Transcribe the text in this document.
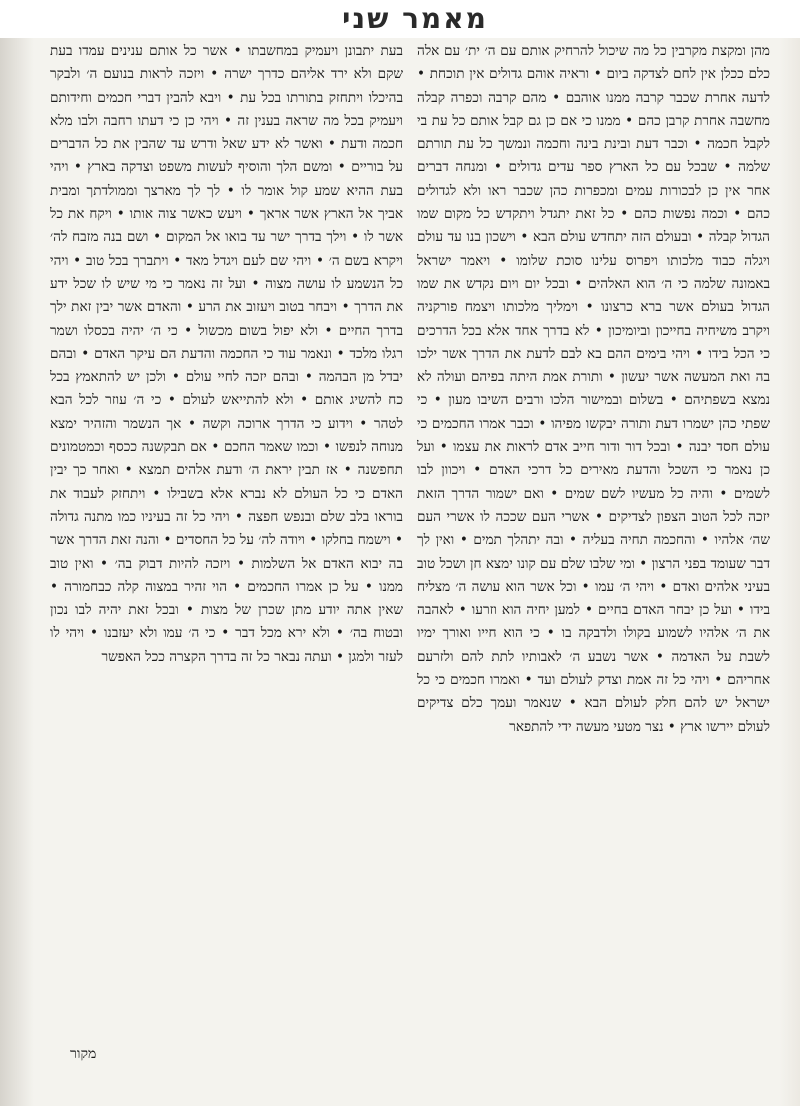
מאמר שני

מהן ומקצת מקרבין כל מה שיכול להרחיק אותם עם ה׳ ית׳ עם אלה כלם ככלן אין לחם לצדקה ביום • וראיה אוהם גדולים אין תוכחת • לדעה אחרת שכבר קרבה ממנו אוהבם • מהם קרבה וכפרה קבלה מחשבה אחרת קרבן כהם • ממנו כי אם כן גם קבל אותם כל עת בי לקבל חכמה • וכבר דעת ובינת בינה וחכמה ונמשך כל עת תורתם שלמה • שבכל עם כל הארץ ספר עדים גדולים • ומנחה דברים אחר אין כן לבכורות עמים ומכפרות כהן שכבר ראו ולא לגדולים כהם • וכמה נפשות כהם • כל זאת יתגדל ויתקדש כל מקום שמו הגדול קבלה • ובעולם הזה יתחדש עולם הבא • וישכון בנו עד עולם ויגלה כבוד מלכותו ויפרוס עלינו סוכת שלומו • ויאמר ישראל באמונה שלמה כי ה׳ הוא האלהים • ובכל יום ויום נקדש את שמו הגדול בעולם אשר ברא כרצונו • וימליך מלכותו ויצמח פורקניה ויקרב משיחיה בחייכון וביומיכון • לא בדרך אחד אלא בכל הדרכים כי הכל בידו • ויהי בימים ההם בא לבם לדעת את הדרך אשר ילכו בה ואת המעשה אשר יעשון • ותורת אמת היתה בפיהם ועולה לא נמצא בשפתיהם • בשלום ובמישור הלכו ורבים השיבו מעון • כי שפתי כהן ישמרו דעת ותורה יבקשו מפיהו • וכבר אמרו החכמים כי עולם חסד יבנה • ובכל דור ודור חייב אדם לראות את עצמו • ועל כן נאמר כי השכל והדעת מאירים כל דרכי האדם • ויכוון לבו לשמים • והיה כל מעשיו לשם שמים • ואם ישמור הדרך הזאת יזכה לכל הטוב הצפון לצדיקים • אשרי העם שככה לו אשרי העם שה׳ אלהיו • והחכמה תחיה בעליה • ובה יתהלך תמים • ואין לך דבר שעומד בפני הרצון • ומי שלבו שלם עם קונו ימצא חן ושכל טוב בעיני אלהים ואדם • ויהי ה׳ עמו • וכל אשר הוא עושה ה׳ מצליח בידו • ועל כן יבחר האדם בחיים • למען יחיה הוא וזרעו • לאהבה את ה׳ אלהיו לשמוע בקולו ולדבקה בו • כי הוא חייו ואורך ימיו לשבת על האדמה • אשר נשבע ה׳ לאבותיו לתת להם ולזרעם אחריהם • ויהי כל זה אמת וצדק לעולם ועד • ואמרו חכמים כי כל ישראל יש להם חלק לעולם הבא • שנאמר ועמך כלם צדיקים לעולם יירשו ארץ • נצר מטעי מעשה ידי להתפאר

בעת יתבונן ויעמיק במחשבתו • אשר כל אותם ענינים עמדו בעת שקם ולא ירד אליהם כדרך ישרה • ויזכה לראות בנועם ה׳ ולבקר בהיכלו ויתחזק בתורתו בכל עת • ויבא להבין דברי חכמים וחידותם ויעמיק בכל מה שראה בענין זה • ויהי כן כי דעתו רחבה ולבו מלא חכמה ודעת • ואשר לא ידע שאל ודרש עד שהבין את כל הדברים על בוריים • ומשם הלך והוסיף לעשות משפט וצדקה בארץ • ויהי בעת ההיא שמע קול אומר לו • לך לך מארצך וממולדתך ומבית אביך אל הארץ אשר אראך • ויעש כאשר צוה אותו • ויקח את כל אשר לו • וילך בדרך ישר עד בואו אל המקום • ושם בנה מזבח לה׳ ויקרא בשם ה׳ • ויהי שם לעם ויגדל מאד • ויתברך בכל טוב • ויהי כל הנשמע לו עושה מצוה • ועל זה נאמר כי מי שיש לו שכל ידע את הדרך • ויבחר בטוב ויעזוב את הרע • והאדם אשר יבין זאת ילך בדרך החיים • ולא יפול בשום מכשול • כי ה׳ יהיה בכסלו ושמר רגלו מלכד • ונאמר עוד כי החכמה והדעת הם עיקר האדם • ובהם יבדל מן הבהמה • ובהם יזכה לחיי עולם • ולכן יש להתאמץ בכל כח להשיג אותם • ולא להתייאש לעולם • כי ה׳ עוזר לכל הבא לטהר • וידוע כי הדרך ארוכה וקשה • אך הנשמר והזהיר ימצא מנוחה לנפשו • וכמו שאמר החכם • אם תבקשנה ככסף וכמטמונים תחפשנה • אז תבין יראת ה׳ ודעת אלהים תמצא • ואחר כך יבין האדם כי כל העולם לא נברא אלא בשבילו • ויתחזק לעבוד את בוראו בלב שלם ובנפש חפצה • ויהי כל זה בעיניו כמו מתנה גדולה • וישמח בחלקו • ויודה לה׳ על כל החסדים • והנה זאת הדרך אשר בה יבוא האדם אל השלמות • ויזכה להיות דבוק בה׳ • ואין טוב ממנו • על כן אמרו החכמים • הוי זהיר במצוה קלה כבחמורה • שאין אתה יודע מתן שכרן של מצות • ובכל זאת יהיה לבו נכון ובטוח בה׳ • ולא ירא מכל דבר • כי ה׳ עמו ולא יעזבנו • ויהי לו לעזר ולמגן • ועתה נבאר כל זה בדרך הקצרה ככל האפשר

מקור
